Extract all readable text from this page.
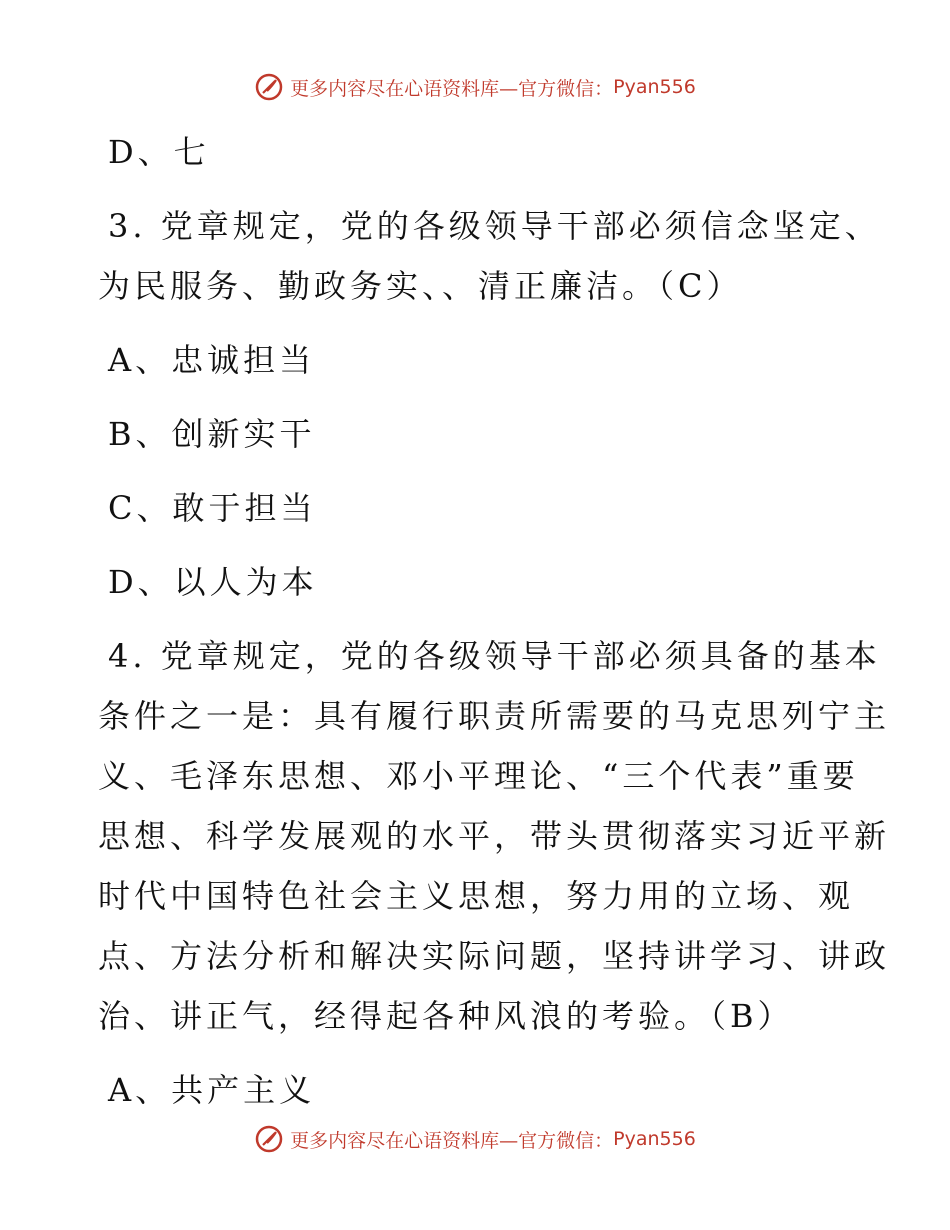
更多内容尽在心语资料库—官方微信： Pyan556
D、七
3. 党章规定，党的各级领导干部必须信念坚定、
为民服务、勤政务实、、清正廉洁。（C）
A、忠诚担当
B、创新实干
C、敢于担当
D、以人为本
4. 党章规定，党的各级领导干部必须具备的基本
条件之一是：具有履行职责所需要的马克思列宁主
义、毛泽东思想、邓小平理论、“三个代表”重要
思想、科学发展观的水平，带头贯彻落实习近平新
时代中国特色社会主义思想，努力用的立场、观
点、方法分析和解决实际问题，坚持讲学习、讲政
治、讲正气，经得起各种风浪的考验。（B）
A、共产主义
更多内容尽在心语资料库—官方微信： Pyan556
